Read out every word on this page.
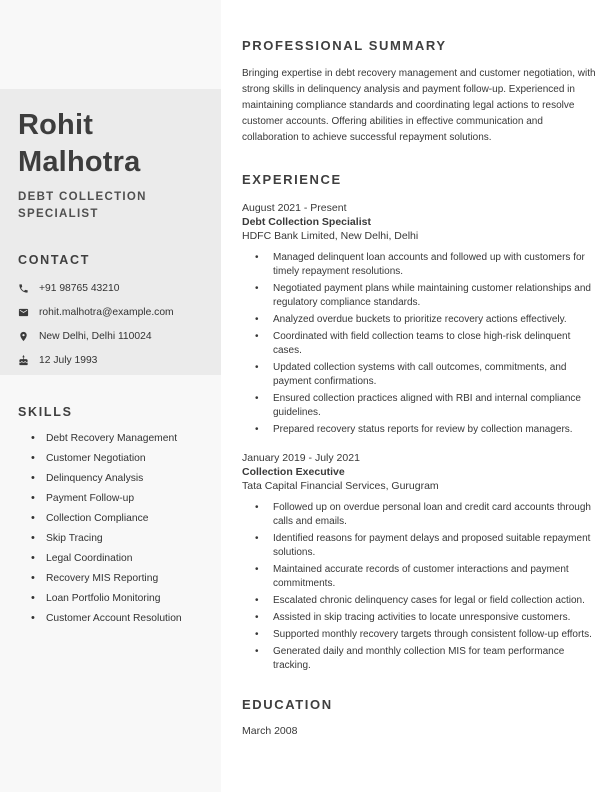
Rohit Malhotra
DEBT COLLECTION SPECIALIST
CONTACT
+91 98765 43210
rohit.malhotra@example.com
New Delhi, Delhi 110024
12 July 1993
SKILLS
• Debt Recovery Management
• Customer Negotiation
• Delinquency Analysis
• Payment Follow-up
• Collection Compliance
• Skip Tracing
• Legal Coordination
• Recovery MIS Reporting
• Loan Portfolio Monitoring
• Customer Account Resolution
PROFESSIONAL SUMMARY

Bringing expertise in debt recovery management and customer negotiation, with strong skills in delinquency analysis and payment follow-up. Experienced in maintaining compliance standards and coordinating legal actions to resolve customer accounts. Offering abilities in effective communication and collaboration to achieve successful repayment solutions.

EXPERIENCE
August 2021 - Present
Debt Collection Specialist
HDFC Bank Limited, New Delhi, Delhi
• Managed delinquent loan accounts and followed up with customers for timely repayment resolutions.
• Negotiated payment plans while maintaining customer relationships and regulatory compliance standards.
• Analyzed overdue buckets to prioritize recovery actions effectively.
• Coordinated with field collection teams to close high-risk delinquent cases.
• Updated collection systems with call outcomes, commitments, and payment confirmations.
• Ensured collection practices aligned with RBI and internal compliance guidelines.
• Prepared recovery status reports for review by collection managers.
January 2019 - July 2021
Collection Executive
Tata Capital Financial Services, Gurugram
• Followed up on overdue personal loan and credit card accounts through calls and emails.
• Identified reasons for payment delays and proposed suitable repayment solutions.
• Maintained accurate records of customer interactions and payment commitments.
• Escalated chronic delinquency cases for legal or field collection action.
• Assisted in skip tracing activities to locate unresponsive customers.
• Supported monthly recovery targets through consistent follow-up efforts.
• Generated daily and monthly collection MIS for team performance tracking.
EDUCATION
March 2008
